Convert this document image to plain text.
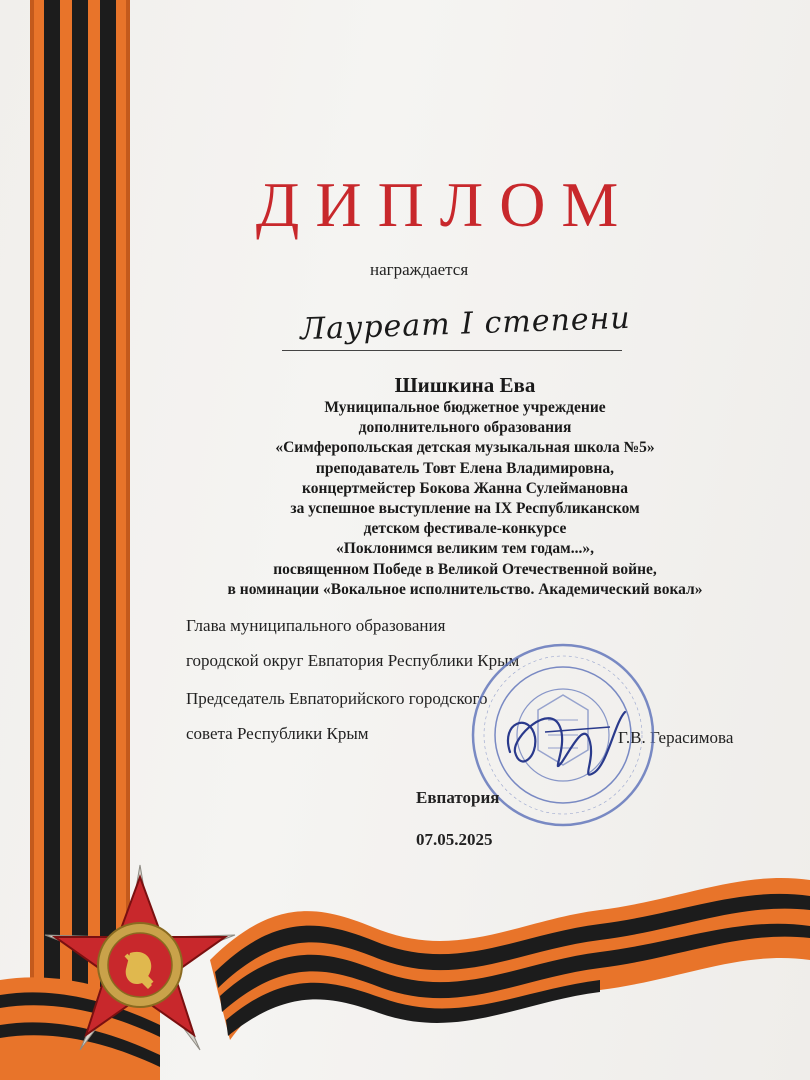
ДИПЛОМ
награждается
Лауреат I степени
Шишкина Ева
Муниципальное бюджетное учреждение
дополнительного образования
«Симферопольская детская музыкальная школа №5»
преподаватель Товт Елена Владимировна,
концертмейстер Бокова Жанна Сулеймановна
за успешное выступление на IX Республиканском
детском фестивале-конкурсе
«Поклонимся великим тем годам...»,
посвященном Победе в Великой Отечественной войне,
в номинации «Вокальное исполнительство. Академический вокал»
Глава муниципального образования
городской округ Евпатория Республики Крым
Председатель Евпаторийского городского
совета Республики Крым	Г.В. Герасимова
Евпатория
07.05.2025
